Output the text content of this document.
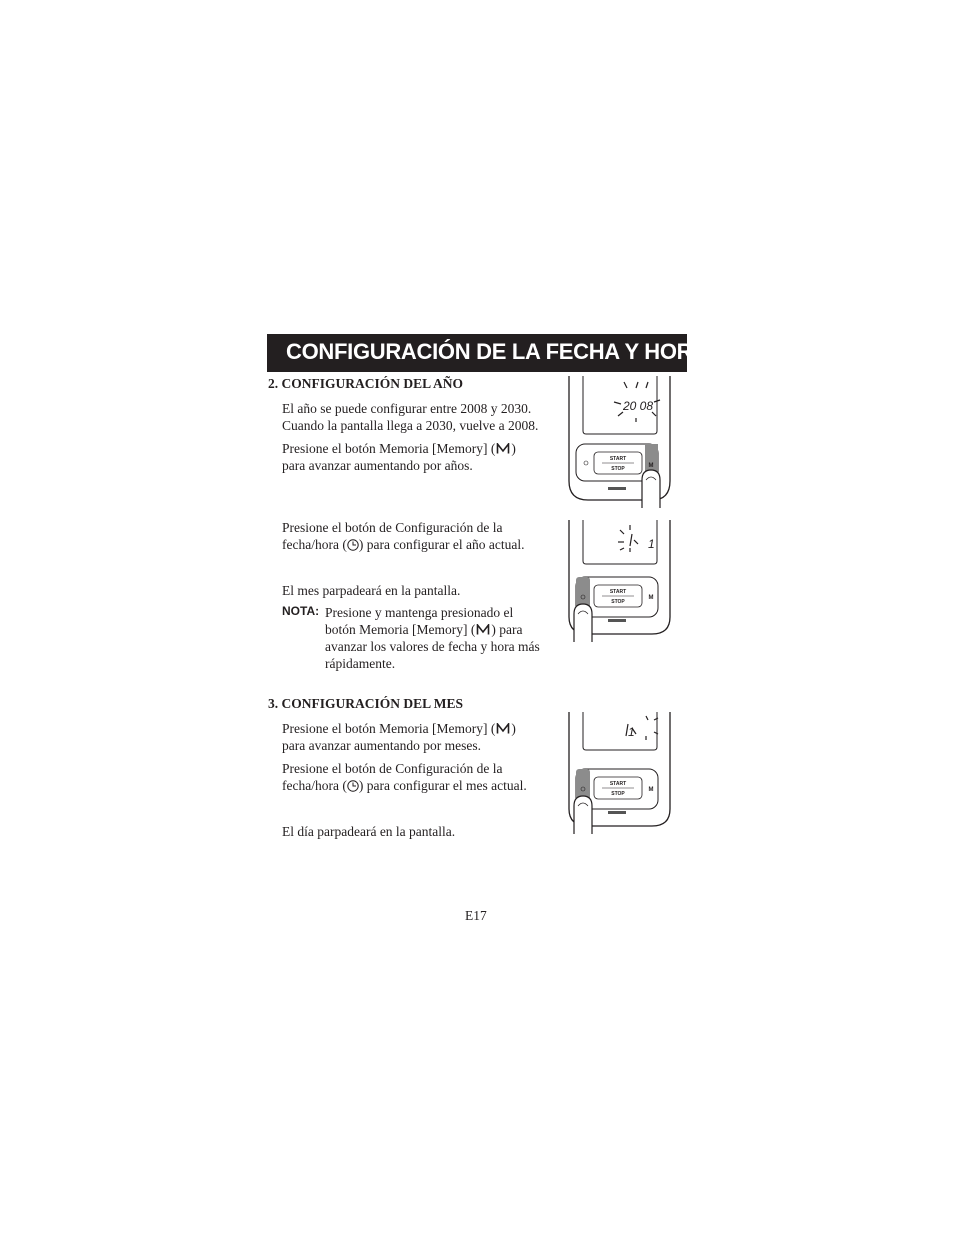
CONFIGURACIÓN DE LA FECHA Y HORA
2. CONFIGURACIÓN DEL AÑO
El año se puede configurar entre 2008 y 2030.
Cuando la pantalla llega a 2030, vuelve a 2008.
Presione el botón Memoria [Memory] ( )
para avanzar aumentando por años.
Presione el botón de Configuración de la
fecha/hora ( ) para configurar el año actual.
El mes parpadeará en la pantalla.
NOTA: Presione y mantenga presionado el
botón Memoria [Memory] ( ) para
avanzar los valores de fecha y hora más
rápidamente.
3. CONFIGURACIÓN DEL MES
Presione el botón Memoria [Memory] ( )
para avanzar aumentando por meses.
Presione el botón de Configuración de la
fecha/hora ( ) para configurar el mes actual.
El día parpadeará en la pantalla.
20 08
START
STOP	M
1
START
STOP
M
1
START
STOP
M
E17
